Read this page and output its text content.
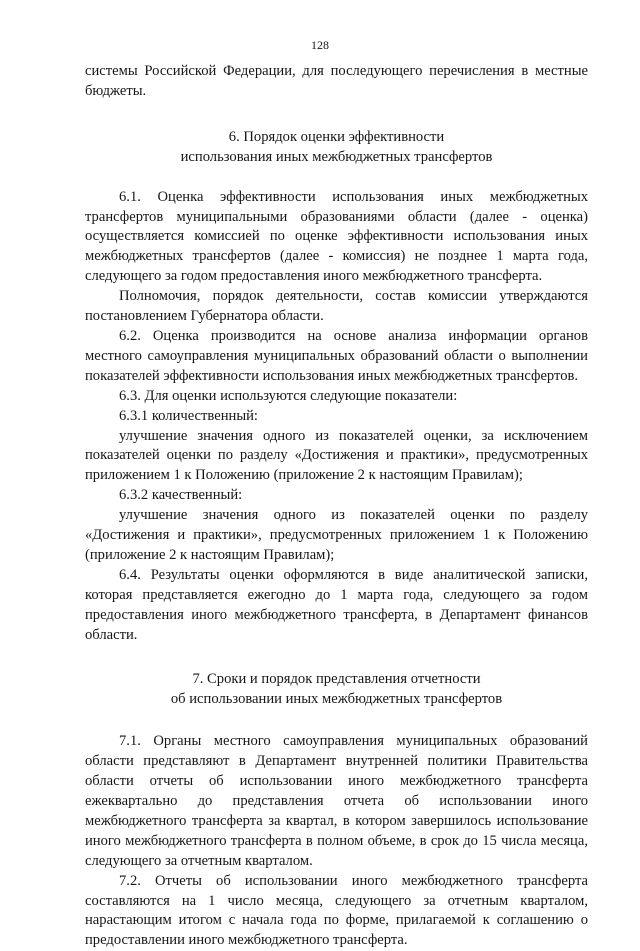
128

системы Российской Федерации, для последующего перечисления в местные бюджеты.

6. Порядок оценки эффективности
использования иных межбюджетных трансфертов

6.1. Оценка эффективности использования иных межбюджетных трансфертов муниципальными образованиями области (далее - оценка) осуществляется комиссией по оценке эффективности использования иных межбюджетных трансфертов (далее - комиссия) не позднее 1 марта года, следующего за годом предоставления иного межбюджетного трансферта.

Полномочия, порядок деятельности, состав комиссии утверждаются постановлением Губернатора области.

6.2. Оценка производится на основе анализа информации органов местного самоуправления муниципальных образований области о выполнении показателей эффективности использования иных межбюджетных трансфертов.

6.3. Для оценки используются следующие показатели:

6.3.1 количественный:

улучшение значения одного из показателей оценки, за исключением показателей оценки по разделу «Достижения и практики», предусмотренных приложением 1 к Положению (приложение 2 к настоящим Правилам);

6.3.2 качественный:

улучшение значения одного из показателей оценки по разделу «Достижения и практики», предусмотренных приложением 1 к Положению (приложение 2 к настоящим Правилам);

6.4. Результаты оценки оформляются в виде аналитической записки, которая представляется ежегодно до 1 марта года, следующего за годом предоставления иного межбюджетного трансферта, в Департамент финансов области.

7. Сроки и порядок представления отчетности
об использовании иных межбюджетных трансфертов

7.1. Органы местного самоуправления муниципальных образований области представляют в Департамент внутренней политики Правительства области отчеты об использовании иного межбюджетного трансферта ежеквартально до представления отчета об использовании иного межбюджетного трансферта за квартал, в котором завершилось использование иного межбюджетного трансферта в полном объеме, в срок до 15 числа месяца, следующего за отчетным кварталом.

7.2. Отчеты об использовании иного межбюджетного трансферта составляются на 1 число месяца, следующего за отчетным кварталом, нарастающим итогом с начала года по форме, прилагаемой к соглашению о предоставлении иного межбюджетного трансферта.
